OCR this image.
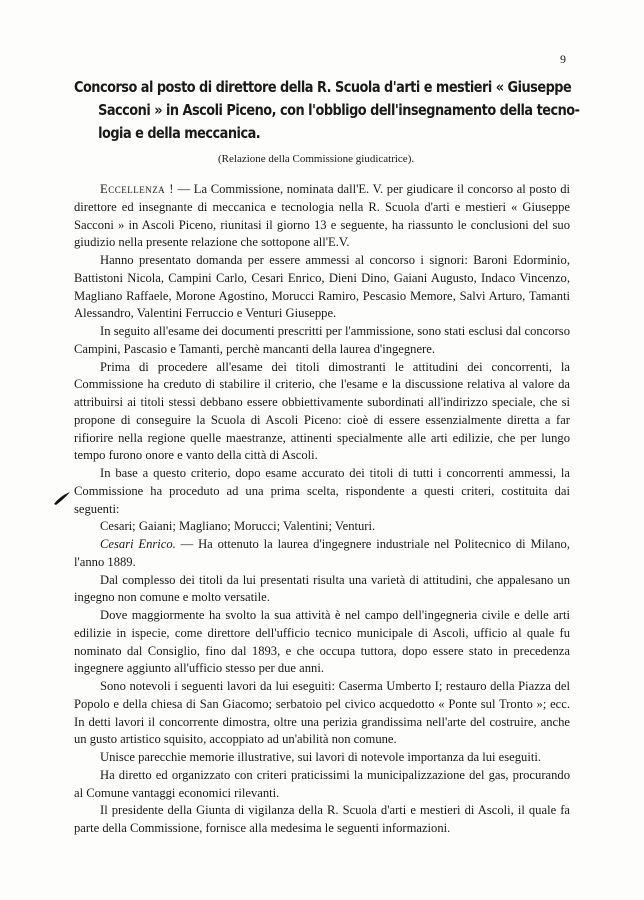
9
Concorso al posto di direttore della R. Scuola d'arti e mestieri « Giuseppe
Sacconi » in Ascoli Piceno, con l'obbligo dell'insegnamento della tecno-
logia e della meccanica.
(Relazione della Commissione giudicatrice).

Eccellenza ! — La Commissione, nominata dall'E. V. per giudicare il concorso al posto di direttore ed insegnante di meccanica e tecnologia nella R. Scuola d'arti e mestieri « Giuseppe Sacconi » in Ascoli Piceno, riunitasi il giorno 13 e seguente, ha riassunto le conclusioni del suo giudizio nella presente relazione che sottopone all'E.V.

Hanno presentato domanda per essere ammessi al concorso i signori: Baroni Edorminio, Battistoni Nicola, Campini Carlo, Cesari Enrico, Dieni Dino, Gaiani Augusto, Indaco Vincenzo, Magliano Raffaele, Morone Agostino, Morucci Ramiro, Pescasio Memore, Salvi Arturo, Tamanti Alessandro, Valentini Ferruccio e Venturi Giuseppe.

In seguito all'esame dei documenti prescritti per l'ammissione, sono stati esclusi dal concorso Campini, Pascasio e Tamanti, perchè mancanti della laurea d'ingegnere.

Prima di procedere all'esame dei titoli dimostranti le attitudini dei concorrenti, la Commissione ha creduto di stabilire il criterio, che l'esame e la discussione relativa al valore da attribuirsi ai titoli stessi debbano essere obbiettivamente subordinati all'indirizzo speciale, che si propone di conseguire la Scuola di Ascoli Piceno: cioè di essere essenzialmente diretta a far rifiorire nella regione quelle maestranze, attinenti specialmente alle arti edilizie, che per lungo tempo furono onore e vanto della città di Ascoli.

In base a questo criterio, dopo esame accurato dei titoli di tutti i concorrenti ammessi, la Commissione ha proceduto ad una prima scelta, rispondente a questi criteri, costituita dai seguenti:

Cesari; Gaiani; Magliano; Morucci; Valentini; Venturi.

Cesari Enrico. — Ha ottenuto la laurea d'ingegnere industriale nel Politecnico di Milano, l'anno 1889.

Dal complesso dei titoli da lui presentati risulta una varietà di attitudini, che appalesano un ingegno non comune e molto versatile.

Dove maggiormente ha svolto la sua attività è nel campo dell'ingegneria civile e delle arti edilizie in ispecie, come direttore dell'ufficio tecnico municipale di Ascoli, ufficio al quale fu nominato dal Consiglio, fino dal 1893, e che occupa tuttora, dopo essere stato in precedenza ingegnere aggiunto all'ufficio stesso per due anni.

Sono notevoli i seguenti lavori da lui eseguiti: Caserma Umberto I; restauro della Piazza del Popolo e della chiesa di San Giacomo; serbatoio pel civico acquedotto « Ponte sul Tronto »; ecc. In detti lavori il concorrente dimostra, oltre una perizia grandissima nell'arte del costruire, anche un gusto artistico squisito, accoppiato ad un'abilità non comune.

Unisce parecchie memorie illustrative, sui lavori di notevole importanza da lui eseguiti.

Ha diretto ed organizzato con criteri praticissimi la municipalizzazione del gas, procurando al Comune vantaggi economici rilevanti.

Il presidente della Giunta di vigilanza della R. Scuola d'arti e mestieri di Ascoli, il quale fa parte della Commissione, fornisce alla medesima le seguenti informazioni.
